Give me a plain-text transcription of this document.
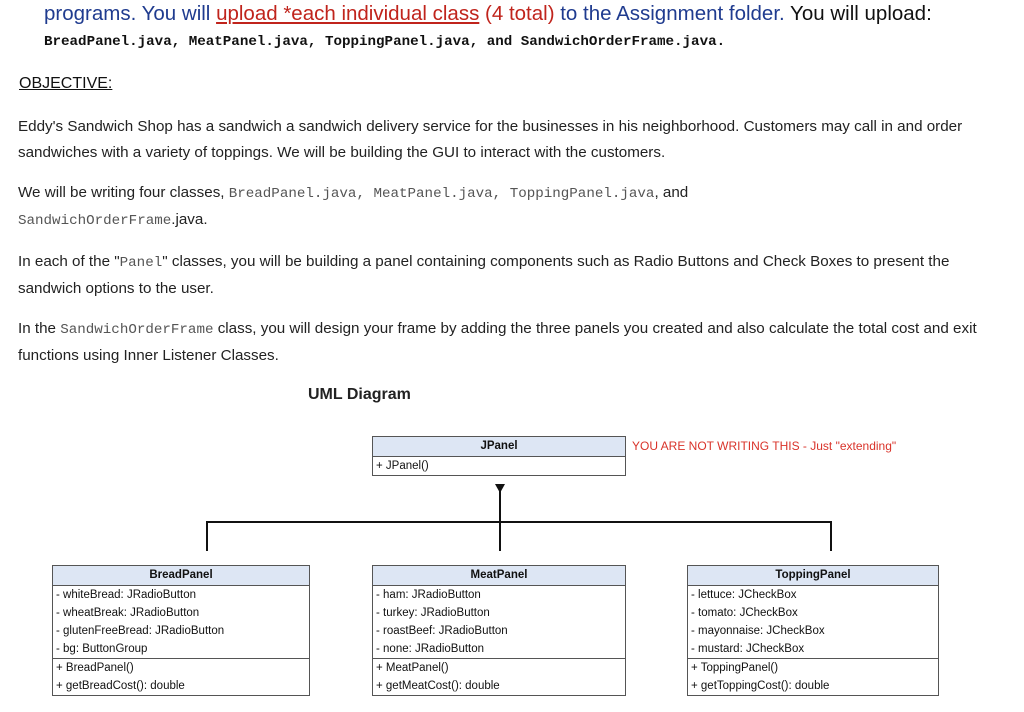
programs. You will upload *each individual class (4 total) to the Assignment folder. You will upload:
BreadPanel.java, MeatPanel.java, ToppingPanel.java, and SandwichOrderFrame.java.
OBJECTIVE:
Eddy's Sandwich Shop has a sandwich a sandwich delivery service for the businesses in his neighborhood. Customers may call in and order sandwiches with a variety of toppings. We will be building the GUI to interact with the customers.
We will be writing four classes, BreadPanel.java, MeatPanel.java, ToppingPanel.java, and
SandwichOrderFrame.java.
In each of the "Panel" classes, you will be building a panel containing components such as Radio Buttons and Check Boxes to present the sandwich options to the user.
In the SandwichOrderFrame class, you will design your frame by adding the three panels you created and also calculate the total cost and exit functions using Inner Listener Classes.
UML Diagram
JPanel
+ JPanel()
YOU ARE NOT WRITING THIS - Just "extending"
BreadPanel
- whiteBread: JRadioButton
- wheatBreak: JRadioButton
- glutenFreeBread: JRadioButton
- bg: ButtonGroup
+ BreadPanel()
+ getBreadCost(): double
MeatPanel
- ham: JRadioButton
- turkey: JRadioButton
- roastBeef: JRadioButton
- none: JRadioButton
+ MeatPanel()
+ getMeatCost(): double
ToppingPanel
- lettuce: JCheckBox
- tomato: JCheckBox
- mayonnaise: JCheckBox
- mustard: JCheckBox
+ ToppingPanel()
+ getToppingCost(): double
